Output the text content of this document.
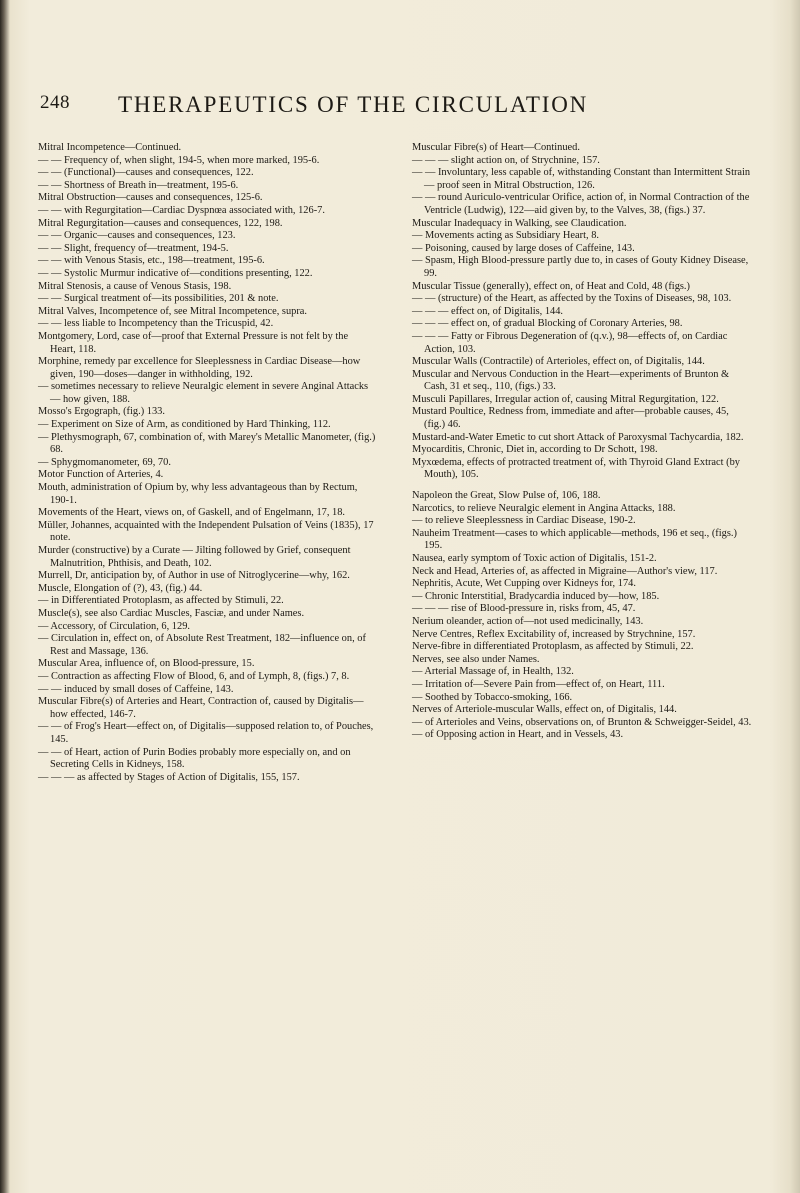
248 THERAPEUTICS OF THE CIRCULATION

Mitral Incompetence—Continued.

— — Frequency of, when slight, 194-5, when more marked, 195-6.

— — (Functional)—causes and consequences, 122.

— — Shortness of Breath in—treatment, 195-6.

Mitral Obstruction—causes and consequences, 125-6.

— — with Regurgitation—Cardiac Dyspnœa associated with, 126-7.

Mitral Regurgitation—causes and consequences, 122, 198.

— — Organic—causes and consequences, 123.

— — Slight, frequency of—treatment, 194-5.

— — with Venous Stasis, etc., 198—treatment, 195-6.

— — Systolic Murmur indicative of—conditions presenting, 122.

Mitral Stenosis, a cause of Venous Stasis, 198.

— — Surgical treatment of—its possibilities, 201 & note.

Mitral Valves, Incompetence of, see Mitral Incompetence, supra.

— — less liable to Incompetency than the Tricuspid, 42.

Montgomery, Lord, case of—proof that External Pressure is not felt by the Heart, 118.

Morphine, remedy par excellence for Sleeplessness in Cardiac Disease—how given, 190—doses—danger in withholding, 192.

— sometimes necessary to relieve Neuralgic element in severe Anginal Attacks — how given, 188.

Mosso's Ergograph, (fig.) 133.

— Experiment on Size of Arm, as conditioned by Hard Thinking, 112.

— Plethysmograph, 67, combination of, with Marey's Metallic Manometer, (fig.) 68.

— Sphygmomanometer, 69, 70.

Motor Function of Arteries, 4.

Mouth, administration of Opium by, why less advantageous than by Rectum, 190-1.

Movements of the Heart, views on, of Gaskell, and of Engelmann, 17, 18.

Müller, Johannes, acquainted with the Independent Pulsation of Veins (1835), 17 note.

Murder (constructive) by a Curate — Jilting followed by Grief, consequent Malnutrition, Phthisis, and Death, 102.

Murrell, Dr, anticipation by, of Author in use of Nitroglycerine—why, 162.

Muscle, Elongation of (?), 43, (fig.) 44.

— in Differentiated Protoplasm, as affected by Stimuli, 22.

Muscle(s), see also Cardiac Muscles, Fasciæ, and under Names.

— Accessory, of Circulation, 6, 129.

— Circulation in, effect on, of Absolute Rest Treatment, 182—influence on, of Rest and Massage, 136.

Muscular Area, influence of, on Blood-pressure, 15.

— Contraction as affecting Flow of Blood, 6, and of Lymph, 8, (figs.) 7, 8.

— — induced by small doses of Caffeine, 143.

Muscular Fibre(s) of Arteries and Heart, Contraction of, caused by Digitalis—how effected, 146-7.

— — of Frog's Heart—effect on, of Digitalis—supposed relation to, of Pouches, 145.

— — of Heart, action of Purin Bodies probably more especially on, and on Secreting Cells in Kidneys, 158.

— — — as affected by Stages of Action of Digitalis, 155, 157.

Muscular Fibre(s) of Heart—Continued.

— — — slight action on, of Strychnine, 157.

— — Involuntary, less capable of, withstanding Constant than Intermittent Strain — proof seen in Mitral Obstruction, 126.

— — round Auriculo-ventricular Orifice, action of, in Normal Contraction of the Ventricle (Ludwig), 122—aid given by, to the Valves, 38, (figs.) 37.

Muscular Inadequacy in Walking, see Claudication.

— Movements acting as Subsidiary Heart, 8.

— Poisoning, caused by large doses of Caffeine, 143.

— Spasm, High Blood-pressure partly due to, in cases of Gouty Kidney Disease, 99.

Muscular Tissue (generally), effect on, of Heat and Cold, 48 (figs.)

— — (structure) of the Heart, as affected by the Toxins of Diseases, 98, 103.

— — — effect on, of Digitalis, 144.

— — — effect on, of gradual Blocking of Coronary Arteries, 98.

— — — Fatty or Fibrous Degeneration of (q.v.), 98—effects of, on Cardiac Action, 103.

Muscular Walls (Contractile) of Arterioles, effect on, of Digitalis, 144.

Muscular and Nervous Conduction in the Heart—experiments of Brunton & Cash, 31 et seq., 110, (figs.) 33.

Musculi Papillares, Irregular action of, causing Mitral Regurgitation, 122.

Mustard Poultice, Redness from, immediate and after—probable causes, 45, (fig.) 46.

Mustard-and-Water Emetic to cut short Attack of Paroxysmal Tachycardia, 182.

Myocarditis, Chronic, Diet in, according to Dr Schott, 198.

Myxœdema, effects of protracted treatment of, with Thyroid Gland Extract (by Mouth), 105.

Napoleon the Great, Slow Pulse of, 106, 188.

Narcotics, to relieve Neuralgic element in Angina Attacks, 188.

— to relieve Sleeplessness in Cardiac Disease, 190-2.

Nauheim Treatment—cases to which applicable—methods, 196 et seq., (figs.) 195.

Nausea, early symptom of Toxic action of Digitalis, 151-2.

Neck and Head, Arteries of, as affected in Migraine—Author's view, 117.

Nephritis, Acute, Wet Cupping over Kidneys for, 174.

— Chronic Interstitial, Bradycardia induced by—how, 185.

— — — rise of Blood-pressure in, risks from, 45, 47.

Nerium oleander, action of—not used medicinally, 143.

Nerve Centres, Reflex Excitability of, increased by Strychnine, 157.

Nerve-fibre in differentiated Protoplasm, as affected by Stimuli, 22.

Nerves, see also under Names.

— Arterial Massage of, in Health, 132.

— Irritation of—Severe Pain from—effect of, on Heart, 111.

— Soothed by Tobacco-smoking, 166.

Nerves of Arteriole-muscular Walls, effect on, of Digitalis, 144.

— of Arterioles and Veins, observations on, of Brunton & Schweigger-Seidel, 43.

— of Opposing action in Heart, and in Vessels, 43.
